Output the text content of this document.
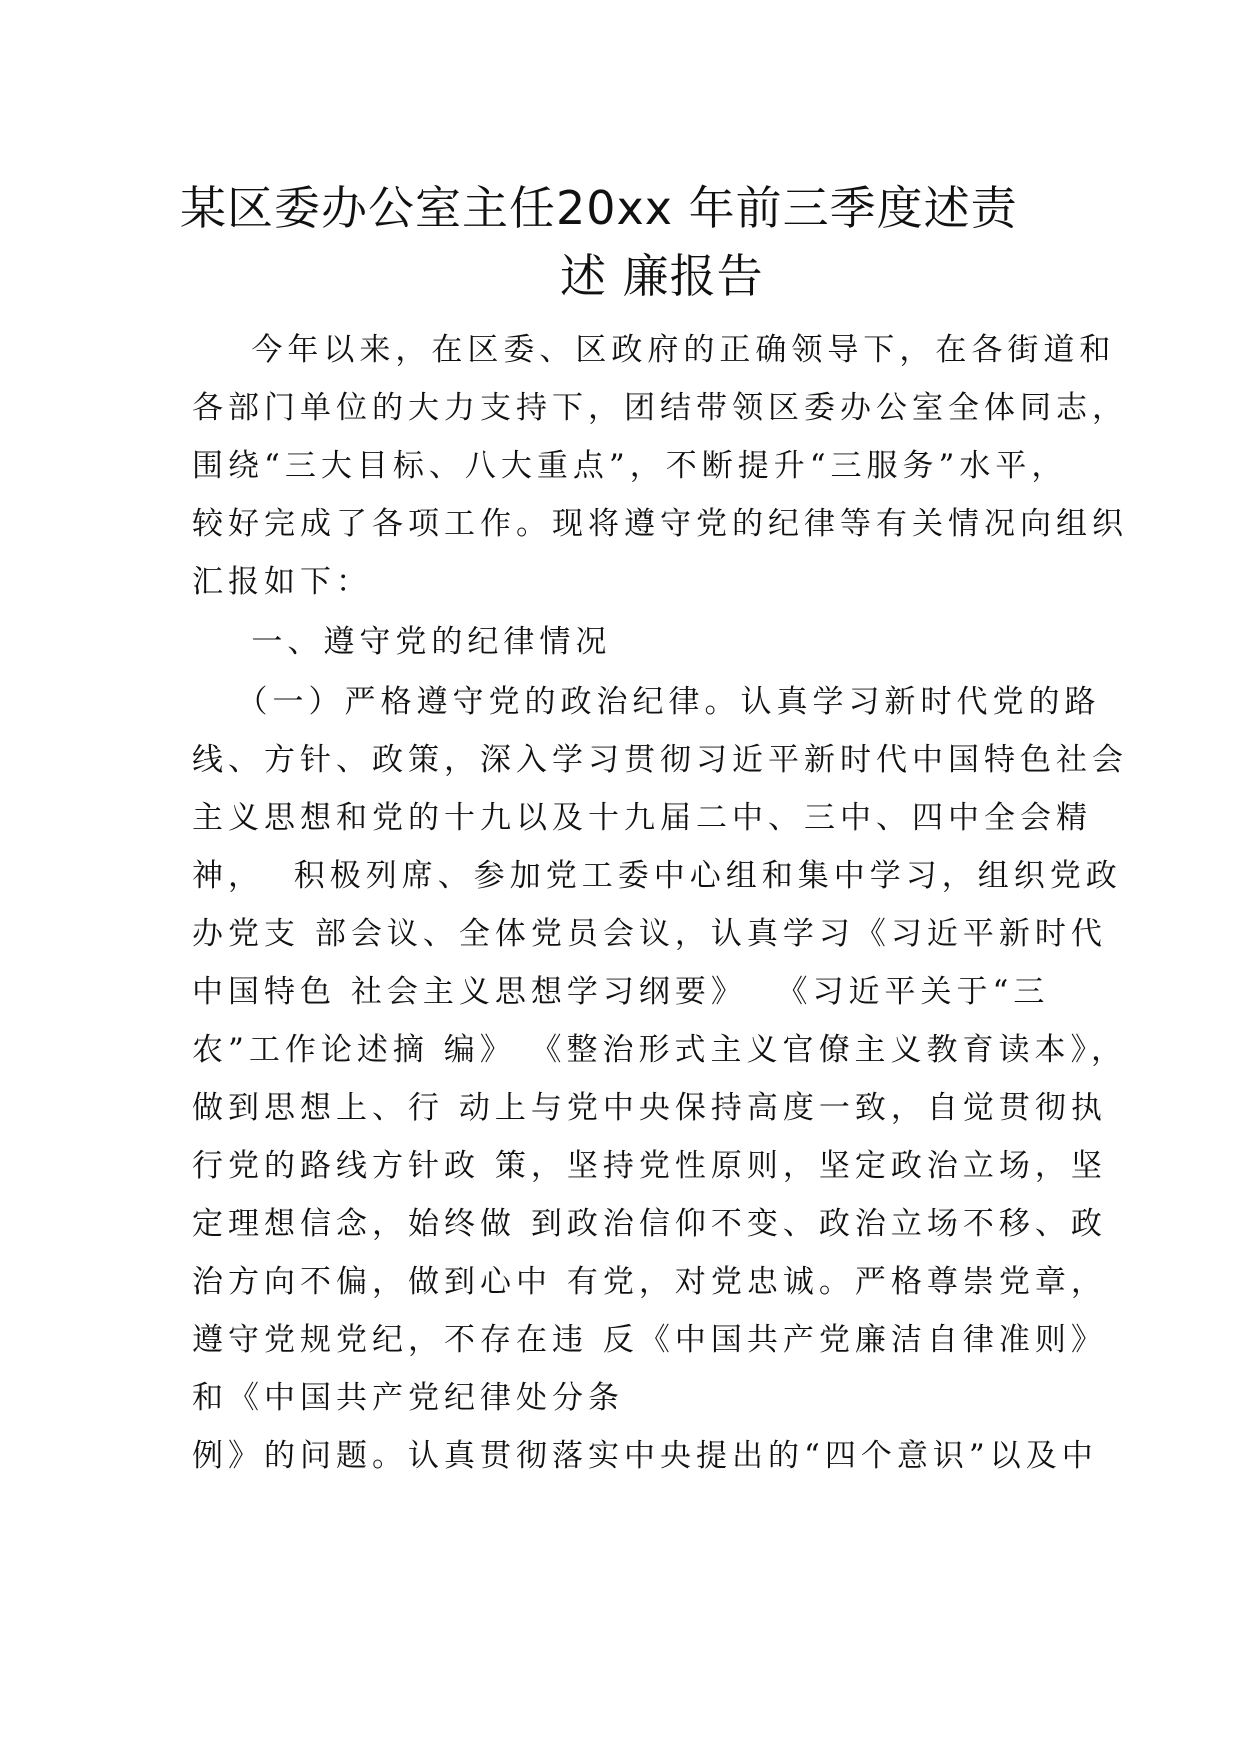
某区委办公室主任20xx 年前三季度述责
述 廉报告
今年以来，在区委、区政府的正确领导下，在各街道和
各部门单位的大力支持下，团结带领区委办公室全体同志，
围绕“三大目标、八大重点”，不断提升“三服务”水平，
较好完成了各项工作。现将遵守党的纪律等有关情况向组织
汇报如下：
一、遵守党的纪律情况
（一）严格遵守党的政治纪律。认真学习新时代党的路
线、方针、政策，深入学习贯彻习近平新时代中国特色社会
主义思想和党的十九以及十九届二中、三中、四中全会精
神，  积极列席、参加党工委中心组和集中学习，组织党政
办党支 部会议、全体党员会议，认真学习《习近平新时代
中国特色 社会主义思想学习纲要》  《习近平关于“三
农”工作论述摘 编》 《整治形式主义官僚主义教育读本》，
做到思想上、行 动上与党中央保持高度一致，自觉贯彻执
行党的路线方针政 策，坚持党性原则，坚定政治立场，坚
定理想信念，始终做 到政治信仰不变、政治立场不移、政
治方向不偏，做到心中 有党，对党忠诚。严格尊崇党章，
遵守党规党纪，不存在违 反《中国共产党廉洁自律准则》
和《中国共产党纪律处分条
例》的问题。认真贯彻落实中央提出的“四个意识”以及中
